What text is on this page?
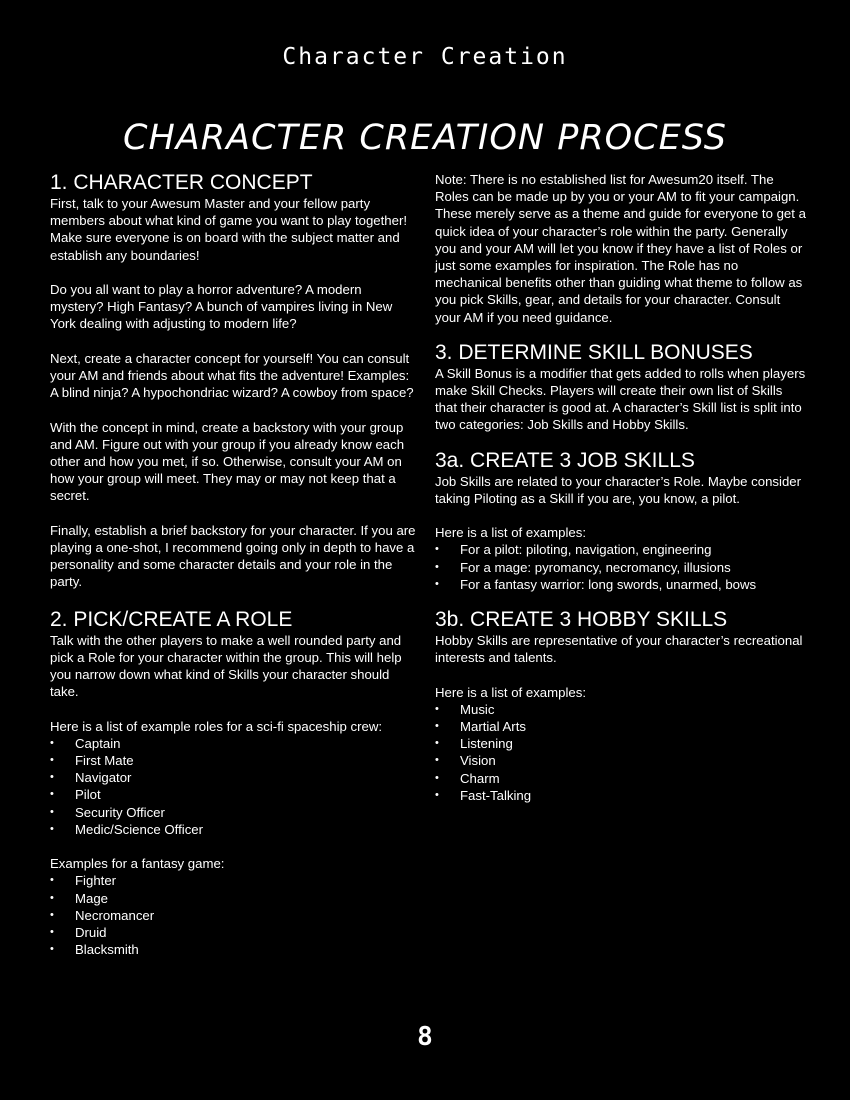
Character Creation
CHARACTER CREATION PROCESS
1. CHARACTER CONCEPT

First, talk to your Awesum Master and your fellow party members about what kind of game you want to play together! Make sure everyone is on board with the subject matter and establish any boundaries!

Do you all want to play a horror adventure? A modern mystery? High Fantasy? A bunch of vampires living in New York dealing with adjusting to modern life?

Next, create a character concept for yourself! You can consult your AM and friends about what fits the adventure! Examples: A blind ninja? A hypochondriac wizard? A cowboy from space?

With the concept in mind, create a backstory with your group and AM. Figure out with your group if you already know each other and how you met, if so. Otherwise, consult your AM on how your group will meet. They may or may not keep that a secret.

Finally, establish a brief backstory for your character. If you are playing a one-shot, I recommend going only in depth to have a personality and some character details and your role in the party.

2. PICK/CREATE A ROLE

Talk with the other players to make a well rounded party and pick a Role for your character within the group. This will help you narrow down what kind of Skills your character should take.

Here is a list of example roles for a sci-fi spaceship crew:
• Captain
• First Mate
• Navigator
• Pilot
• Security Officer
• Medic/Science Officer
Examples for a fantasy game:
• Fighter
• Mage
• Necromancer
• Druid
• Blacksmith

Note: There is no established list for Awesum20 itself. The Roles can be made up by you or your AM to fit your campaign. These merely serve as a theme and guide for everyone to get a quick idea of your character’s role within the party. Generally you and your AM will let you know if they have a list of Roles or just some examples for inspiration. The Role has no mechanical benefits other than guiding what theme to follow as you pick Skills, gear, and details for your character. Consult your AM if you need guidance.

3. DETERMINE SKILL BONUSES

A Skill Bonus is a modifier that gets added to rolls when players make Skill Checks. Players will create their own list of Skills that their character is good at. A character’s Skill list is split into two categories: Job Skills and Hobby Skills.

3a. CREATE 3 JOB SKILLS

Job Skills are related to your character’s Role. Maybe consider taking Piloting as a Skill if you are, you know, a pilot.

Here is a list of examples:
• For a pilot: piloting, navigation, engineering
• For a mage: pyromancy, necromancy, illusions
• For a fantasy warrior: long swords, unarmed, bows
3b. CREATE 3 HOBBY SKILLS

Hobby Skills are representative of your character’s recreational interests and talents.

Here is a list of examples:
• Music
• Martial Arts
• Listening
• Vision
• Charm
• Fast-Talking
8
